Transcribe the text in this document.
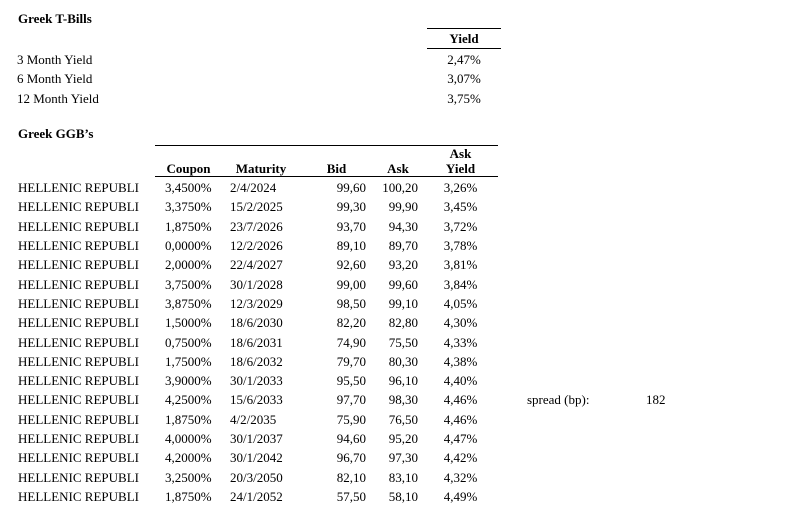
Greek T-Bills
Yield
3 Month Yield	2,47%
6 Month Yield	3,07%
12 Month Yield	3,75%
Greek GGB’s
Ask
Coupon	Maturity	Bid	Ask	Yield
HELLENIC REPUBLI	3,4500%	2/4/2024	99,60	100,20	3,26%
HELLENIC REPUBLI	3,3750%	15/2/2025	99,30	99,90	3,45%
HELLENIC REPUBLI	1,8750%	23/7/2026	93,70	94,30	3,72%
HELLENIC REPUBLI	0,0000%	12/2/2026	89,10	89,70	3,78%
HELLENIC REPUBLI	2,0000%	22/4/2027	92,60	93,20	3,81%
HELLENIC REPUBLI	3,7500%	30/1/2028	99,00	99,60	3,84%
HELLENIC REPUBLI	3,8750%	12/3/2029	98,50	99,10	4,05%
HELLENIC REPUBLI	1,5000%	18/6/2030	82,20	82,80	4,30%
HELLENIC REPUBLI	0,7500%	18/6/2031	74,90	75,50	4,33%
HELLENIC REPUBLI	1,7500%	18/6/2032	79,70	80,30	4,38%
HELLENIC REPUBLI	3,9000%	30/1/2033	95,50	96,10	4,40%
HELLENIC REPUBLI	4,2500%	15/6/2033	97,70	98,30	4,46%
HELLENIC REPUBLI	1,8750%	4/2/2035	75,90	76,50	4,46%
HELLENIC REPUBLI	4,0000%	30/1/2037	94,60	95,20	4,47%
HELLENIC REPUBLI	4,2000%	30/1/2042	96,70	97,30	4,42%
HELLENIC REPUBLI	3,2500%	20/3/2050	82,10	83,10	4,32%
HELLENIC REPUBLI	1,8750%	24/1/2052	57,50	58,10	4,49%
spread (bp):	182
